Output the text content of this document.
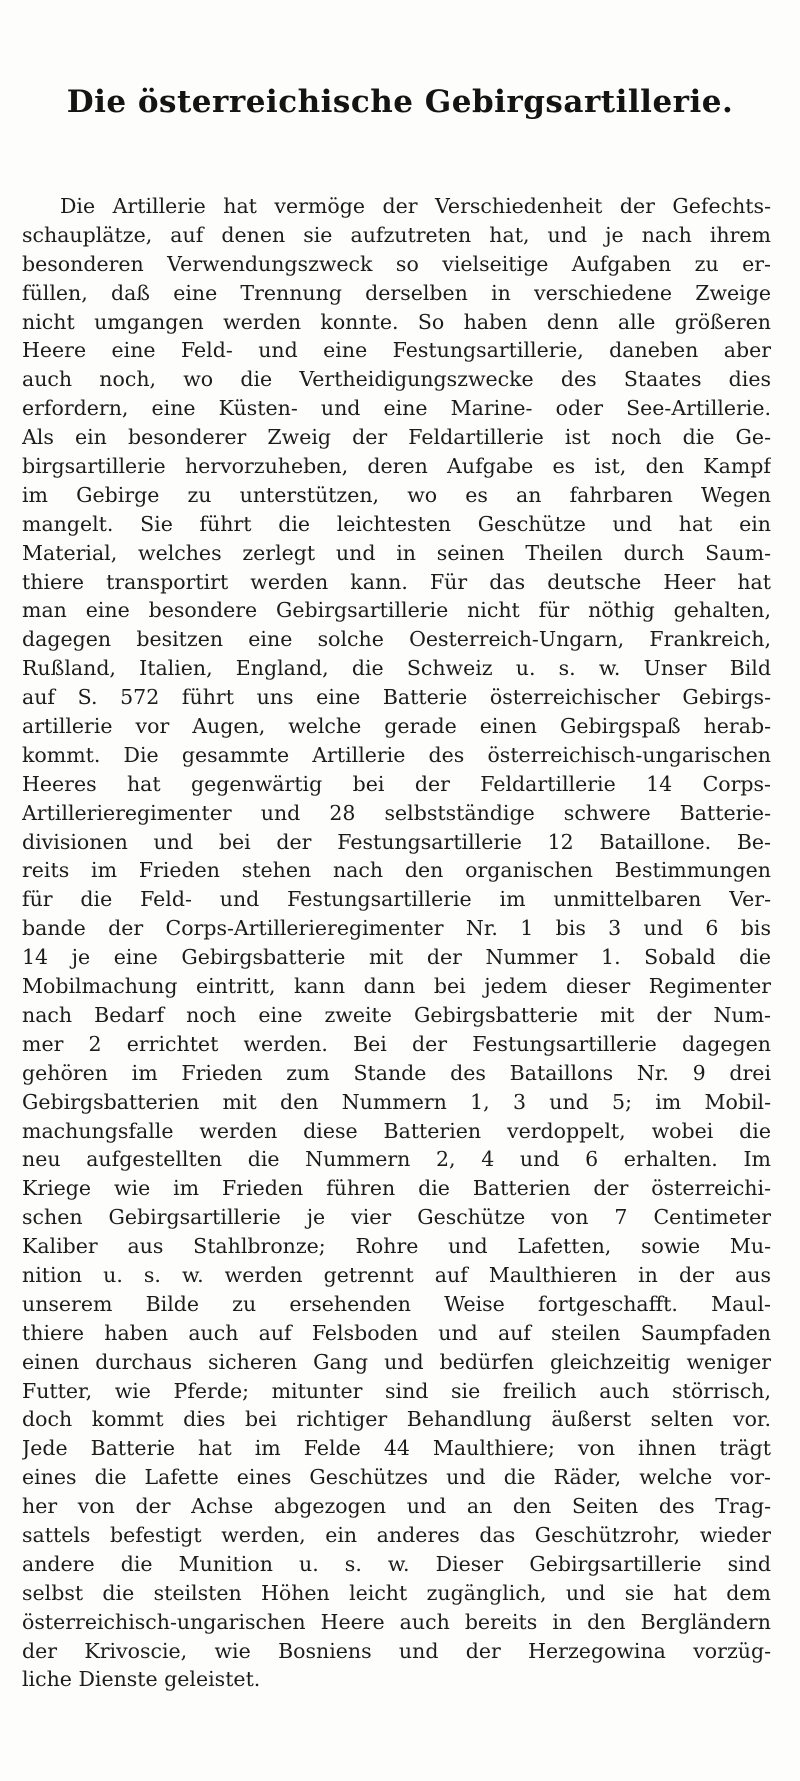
Die österreichische Gebirgsartillerie.
Die Artillerie hat vermöge der Verschiedenheit der Gefechts-
schauplätze, auf denen sie aufzutreten hat, und je nach ihrem
besonderen Verwendungszweck so vielseitige Aufgaben zu er-
füllen, daß eine Trennung derselben in verschiedene Zweige
nicht umgangen werden konnte. So haben denn alle größeren
Heere eine Feld- und eine Festungsartillerie, daneben aber
auch noch, wo die Vertheidigungszwecke des Staates dies
erfordern, eine Küsten- und eine Marine- oder See-Artillerie.
Als ein besonderer Zweig der Feldartillerie ist noch die Ge-
birgsartillerie hervorzuheben, deren Aufgabe es ist, den Kampf
im Gebirge zu unterstützen, wo es an fahrbaren Wegen
mangelt. Sie führt die leichtesten Geschütze und hat ein
Material, welches zerlegt und in seinen Theilen durch Saum-
thiere transportirt werden kann. Für das deutsche Heer hat
man eine besondere Gebirgsartillerie nicht für nöthig gehalten,
dagegen besitzen eine solche Oesterreich-Ungarn, Frankreich,
Rußland, Italien, England, die Schweiz u. s. w. Unser Bild
auf S. 572 führt uns eine Batterie österreichischer Gebirgs-
artillerie vor Augen, welche gerade einen Gebirgspaß herab-
kommt. Die gesammte Artillerie des österreichisch-ungarischen
Heeres hat gegenwärtig bei der Feldartillerie 14 Corps-
Artillerieregimenter und 28 selbstständige schwere Batterie-
divisionen und bei der Festungsartillerie 12 Bataillone. Be-
reits im Frieden stehen nach den organischen Bestimmungen
für die Feld- und Festungsartillerie im unmittelbaren Ver-
bande der Corps-Artillerieregimenter Nr. 1 bis 3 und 6 bis
14 je eine Gebirgsbatterie mit der Nummer 1. Sobald die
Mobilmachung eintritt, kann dann bei jedem dieser Regimenter
nach Bedarf noch eine zweite Gebirgsbatterie mit der Num-
mer 2 errichtet werden. Bei der Festungsartillerie dagegen
gehören im Frieden zum Stande des Bataillons Nr. 9 drei
Gebirgsbatterien mit den Nummern 1, 3 und 5; im Mobil-
machungsfalle werden diese Batterien verdoppelt, wobei die
neu aufgestellten die Nummern 2, 4 und 6 erhalten. Im
Kriege wie im Frieden führen die Batterien der österreichi-
schen Gebirgsartillerie je vier Geschütze von 7 Centimeter
Kaliber aus Stahlbronze; Rohre und Lafetten, sowie Mu-
nition u. s. w. werden getrennt auf Maulthieren in der aus
unserem Bilde zu ersehenden Weise fortgeschafft. Maul-
thiere haben auch auf Felsboden und auf steilen Saumpfaden
einen durchaus sicheren Gang und bedürfen gleichzeitig weniger
Futter, wie Pferde; mitunter sind sie freilich auch störrisch,
doch kommt dies bei richtiger Behandlung äußerst selten vor.
Jede Batterie hat im Felde 44 Maulthiere; von ihnen trägt
eines die Lafette eines Geschützes und die Räder, welche vor-
her von der Achse abgezogen und an den Seiten des Trag-
sattels befestigt werden, ein anderes das Geschützrohr, wieder
andere die Munition u. s. w. Dieser Gebirgsartillerie sind
selbst die steilsten Höhen leicht zugänglich, und sie hat dem
österreichisch-ungarischen Heere auch bereits in den Bergländern
der Krivoscie, wie Bosniens und der Herzegowina vorzüg-
liche Dienste geleistet.
